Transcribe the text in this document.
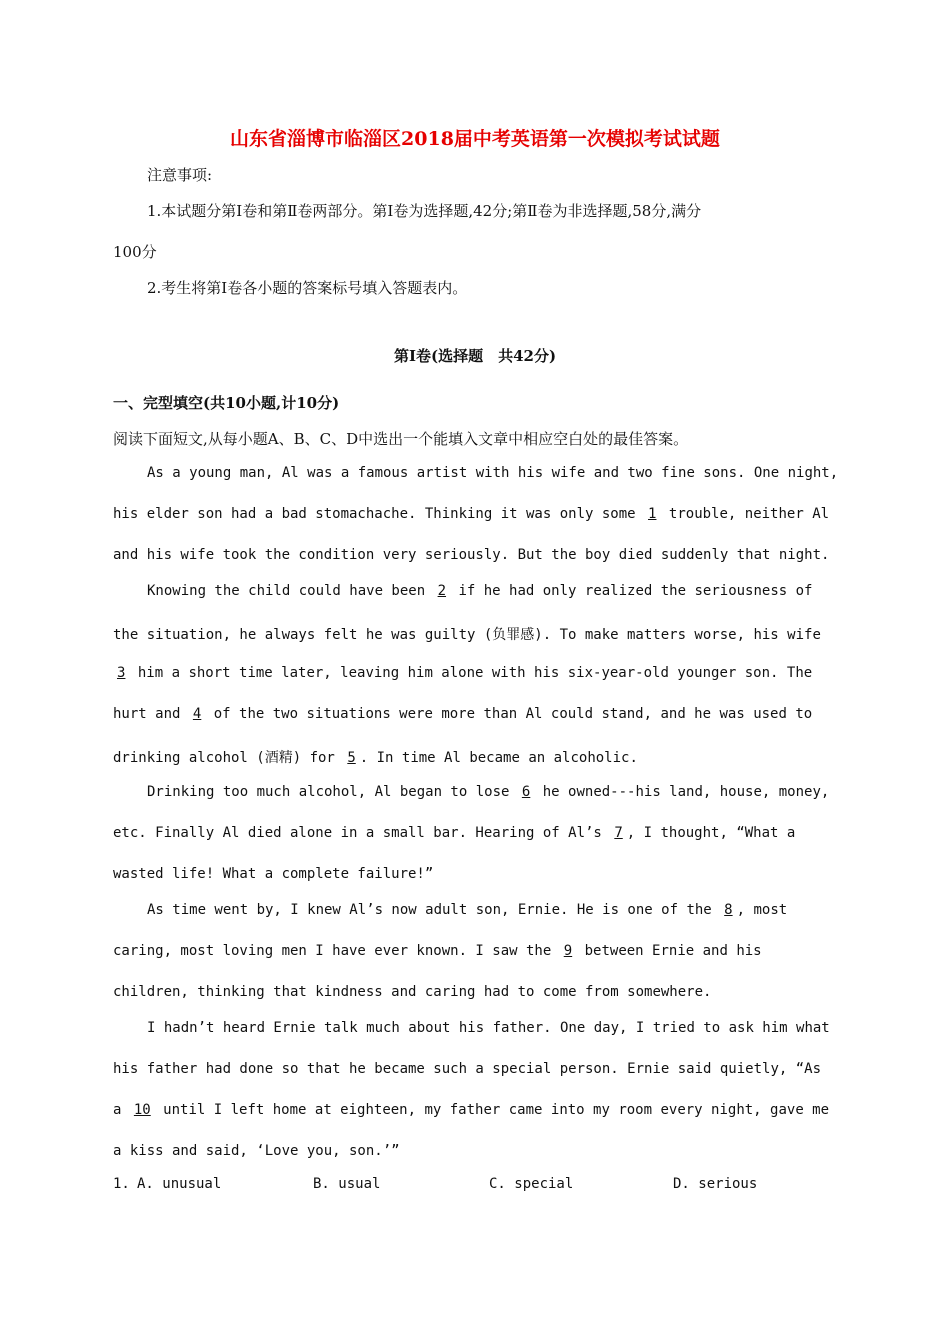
山东省淄博市临淄区2018届中考英语第一次模拟考试试题
注意事项:
1.本试题分第Ⅰ卷和第Ⅱ卷两部分。第Ⅰ卷为选择题,42分;第Ⅱ卷为非选择题,58分,满分
100分
2.考生将第Ⅰ卷各小题的答案标号填入答题表内。
第Ⅰ卷(选择题　共42分)
一、完型填空(共10小题,计10分)
阅读下面短文,从每小题A、B、C、D中选出一个能填入文章中相应空白处的最佳答案。
As a young man, Al was a famous artist with his wife and two fine sons. One night,
his elder son had a bad stomachache. Thinking it was only some 1 trouble, neither Al
and his wife took the condition very seriously. But the boy died suddenly that night.
Knowing the child could have been 2 if he had only realized the seriousness of
the situation, he always felt he was guilty (负罪感). To make matters worse, his wife
3 him a short time later, leaving him alone with his six-year-old younger son. The
hurt and 4 of the two situations were more than Al could stand, and he was used to
drinking alcohol (酒精) for 5 . In time Al became an alcoholic.
Drinking too much alcohol, Al began to lose 6 he owned---his land, house, money,
etc. Finally Al died alone in a small bar. Hearing of Al’s 7 , I thought, “What a
wasted life! What a complete failure!”
As time went by, I knew Al’s now adult son, Ernie. He is one of the 8 , most
caring, most loving men I have ever known. I saw the 9 between Ernie and his
children, thinking that kindness and caring had to come from somewhere.
I hadn’t heard Ernie talk much about his father. One day, I tried to ask him what
his father had done so that he became such a special person. Ernie said quietly, “As
a 10 until I left home at eighteen, my father came into my room every night, gave me
a kiss and said, ‘Love you, son.’”
1. A. unusual	B. usual	C. special	D. serious
